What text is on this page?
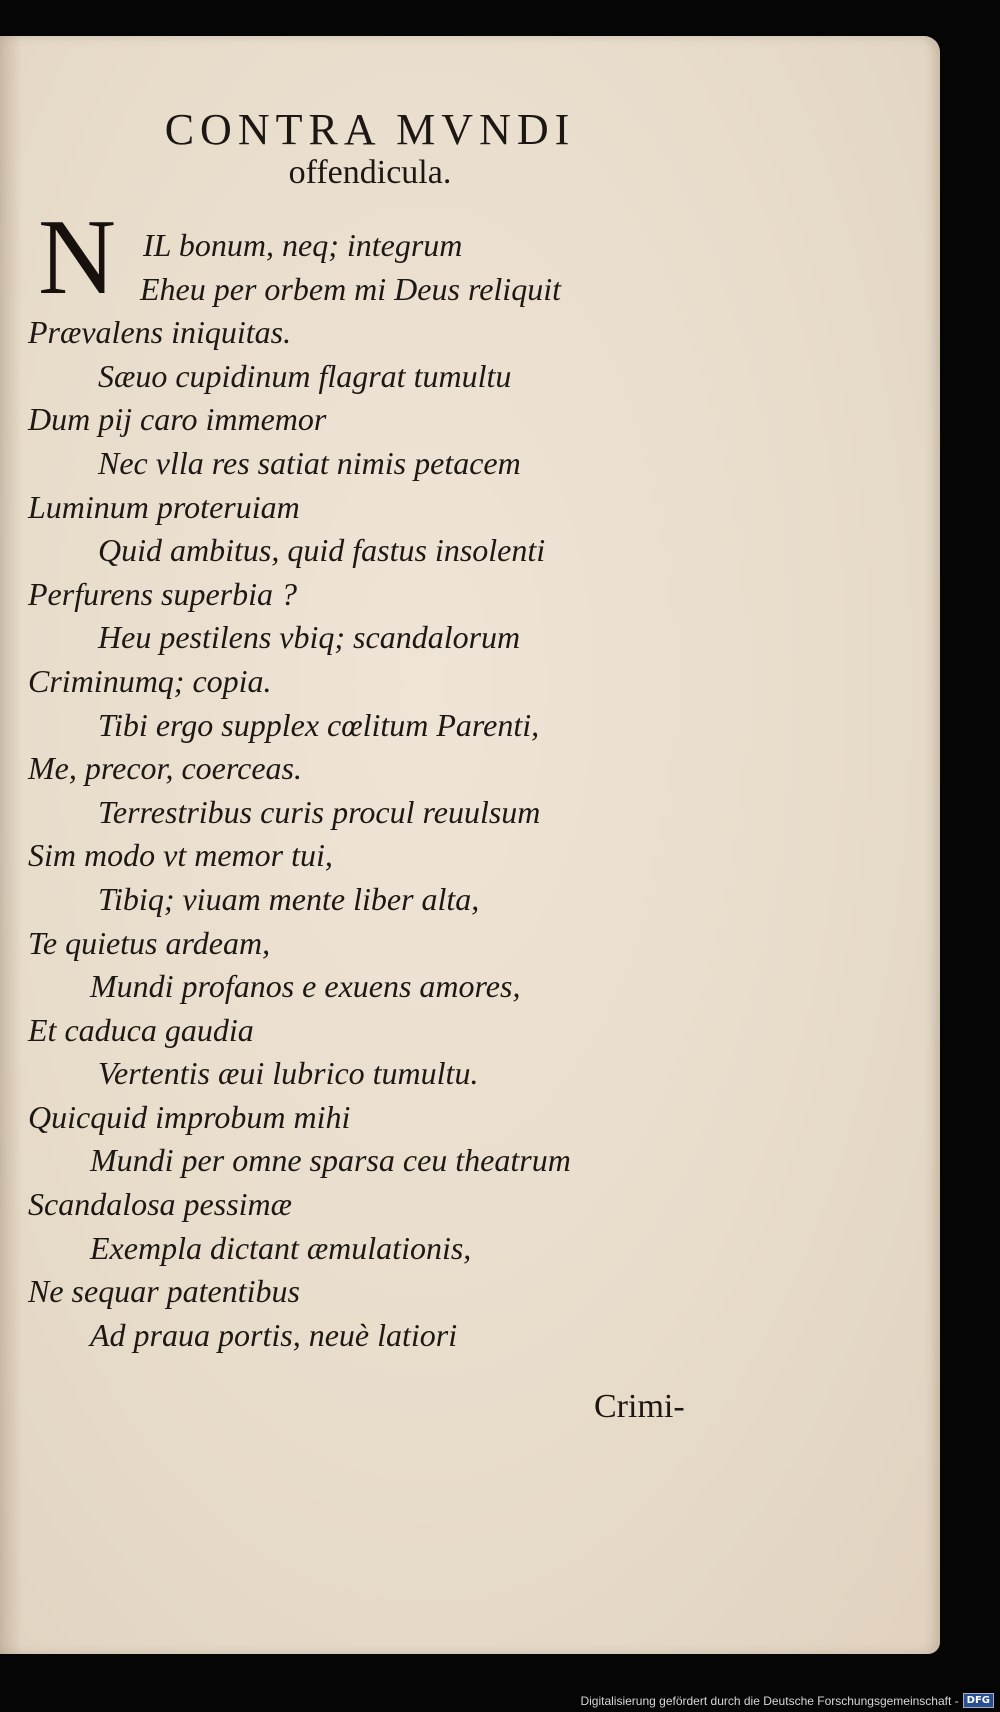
CONTRA MVNDI
offendicula.
N IL bonum, neq; integrum
Eheu per orbem mi Deus reliquit
Prævalens iniquitas.
Sæuo cupidinum flagrat tumultu
Dum pij caro immemor
Nec vlla res satiat nimis petacem
Luminum proteruiam
Quid ambitus, quid fastus insolenti
Perfurens superbia ?
Heu pestilens vbiq; scandalorum
Criminumq; copia.
Tibi ergo supplex cœlitum Parenti,
Me, precor, coerceas.
Terrestribus curis procul reuulsum
Sim modo vt memor tui,
Tibiq; viuam mente liber alta,
Te quietus ardeam,
Mundi profanos e exuens amores,
Et caduca gaudia
Vertentis æui lubrico tumultu.
Quicquid improbum mihi
Mundi per omne sparsa ceu theatrum
Scandalosa pessimæ
Exempla dictant æmulationis,
Ne sequar patentibus
Ad praua portis, neuè latiori
Crimi-
Digitalisierung gefördert durch die Deutsche Forschungsgemeinschaft - DFG
